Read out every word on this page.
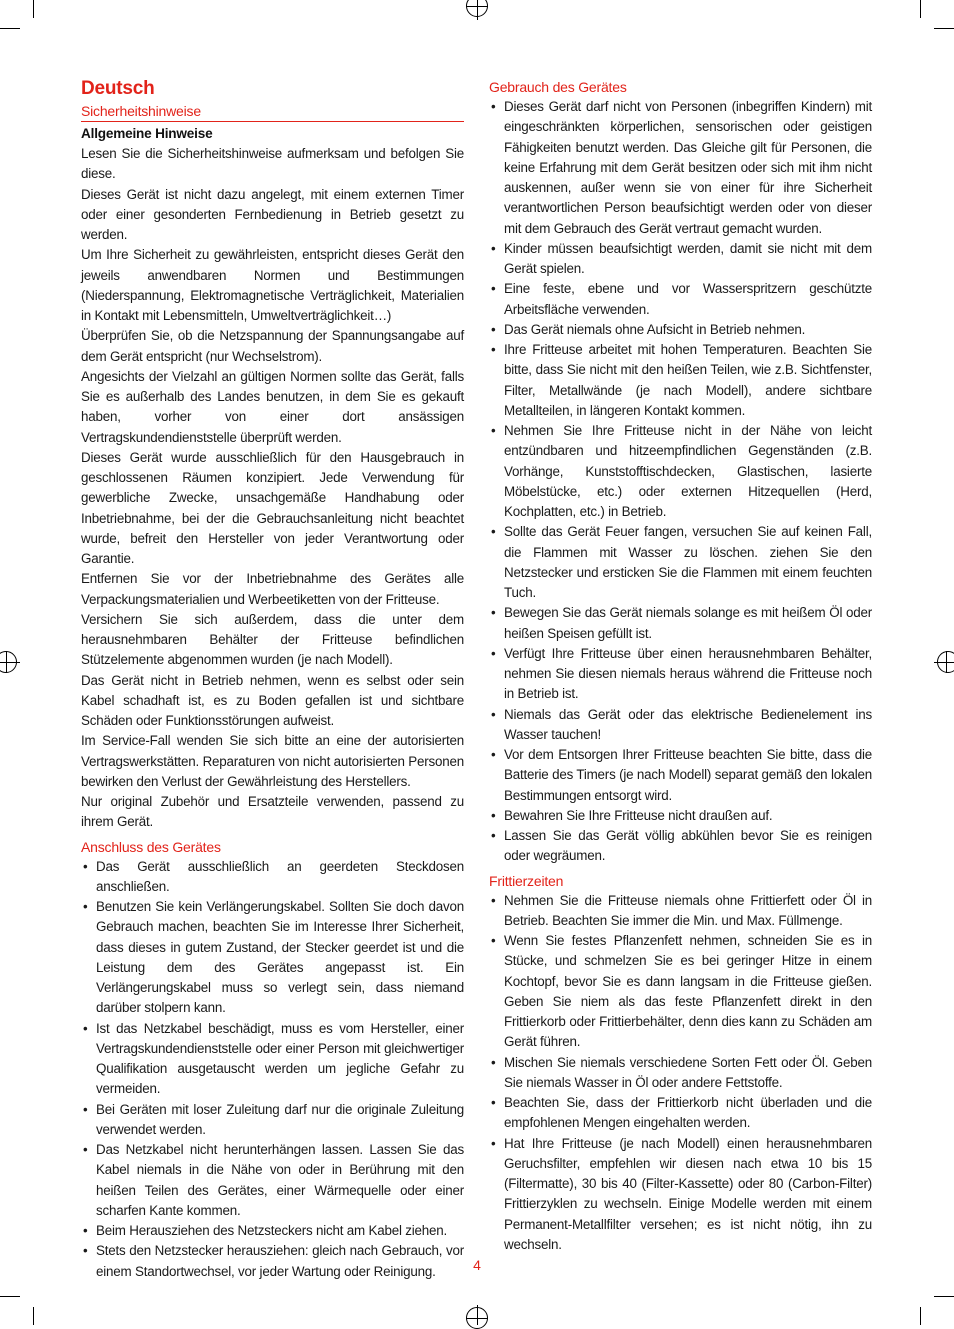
Deutsch
Sicherheitshinweise
Allgemeine Hinweise

Lesen Sie die Sicherheitshinweise aufmerksam und befolgen Sie diese.

Dieses Gerät ist nicht dazu angelegt, mit einem externen Timer oder einer gesonderten Fernbedienung in Betrieb gesetzt zu werden.

Um Ihre Sicherheit zu gewährleisten, entspricht dieses Gerät den jeweils anwendbaren Normen und Bestimmungen (Niederspannung, Elektromagnetische Verträglichkeit, Materialien in Kontakt mit Lebensmitteln, Umweltverträglichkeit…)

Überprüfen Sie, ob die Netzspannung der Spannungsangabe auf dem Gerät entspricht (nur Wechselstrom).

Angesichts der Vielzahl an gültigen Normen sollte das Gerät, falls Sie es außerhalb des Landes benutzen, in dem Sie es gekauft haben, vorher von einer dort ansässigen Vertragskundendienststelle überprüft werden.

Dieses Gerät wurde ausschließlich für den Hausgebrauch in geschlossenen Räumen konzipiert. Jede Verwendung für gewerbliche Zwecke, unsachgemäße Handhabung oder Inbetriebnahme, bei der die Gebrauchsanleitung nicht beachtet wurde, befreit den Hersteller von jeder Verantwortung oder Garantie.

Entfernen Sie vor der Inbetriebnahme des Gerätes alle Verpackungsmaterialien und Werbeetiketten von der Fritteuse.

Versichern Sie sich außerdem, dass die unter dem herausnehmbaren Behälter der Fritteuse befindlichen Stützelemente abgenommen wurden (je nach Modell).

Das Gerät nicht in Betrieb nehmen, wenn es selbst oder sein Kabel schadhaft ist, es zu Boden gefallen ist und sichtbare Schäden oder Funktionsstörungen aufweist.

Im Service-Fall wenden Sie sich bitte an eine der autorisierten Vertragswerkstätten. Reparaturen von nicht autorisierten Personen bewirken den Verlust der Gewährleistung des Herstellers.

Nur original Zubehör und Ersatzteile verwenden, passend zu ihrem Gerät.

Anschluss des Gerätes
• Das Gerät ausschließlich an geerdeten Steckdosen anschließen.
• Benutzen Sie kein Verlängerungskabel. Sollten Sie doch davon Gebrauch machen, beachten Sie im Interesse Ihrer Sicherheit, dass dieses in gutem Zustand, der Stecker geerdet ist und die Leistung dem des Gerätes angepasst ist. Ein Verlängerungskabel muss so verlegt sein, dass niemand darüber stolpern kann.
• Ist das Netzkabel beschädigt, muss es vom Hersteller, einer Vertragskundendienststelle oder einer Person mit gleichwertiger Qualifikation ausgetauscht werden um jegliche Gefahr zu vermeiden.
• Bei Geräten mit loser Zuleitung darf nur die originale Zuleitung verwendet werden.
• Das Netzkabel nicht herunterhängen lassen. Lassen Sie das Kabel niemals in die Nähe von oder in Berührung mit den heißen Teilen des Gerätes, einer Wärmequelle oder einer scharfen Kante kommen.
• Beim Herausziehen des Netzsteckers nicht am Kabel ziehen.
• Stets den Netzstecker herausziehen: gleich nach Gebrauch, vor einem Standortwechsel, vor jeder Wartung oder Reinigung.
Gebrauch des Gerätes
• Dieses Gerät darf nicht von Personen (inbegriffen Kindern) mit eingeschränkten körperlichen, sensorischen oder geistigen Fähigkeiten benutzt werden. Das Gleiche gilt für Personen, die keine Erfahrung mit dem Gerät besitzen oder sich mit ihm nicht auskennen, außer wenn sie von einer für ihre Sicherheit verantwortlichen Person beaufsichtigt werden oder von dieser mit dem Gebrauch des Gerät vertraut gemacht wurden.
• Kinder müssen beaufsichtigt werden, damit sie nicht mit dem Gerät spielen.
• Eine feste, ebene und vor Wasserspritzern geschützte Arbeitsfläche verwenden.
• Das Gerät niemals ohne Aufsicht in Betrieb nehmen.
• Ihre Fritteuse arbeitet mit hohen Temperaturen. Beachten Sie bitte, dass Sie nicht mit den heißen Teilen, wie z.B. Sichtfenster, Filter, Metallwände (je nach Modell), andere sichtbare Metallteilen, in längeren Kontakt kommen.
• Nehmen Sie Ihre Fritteuse nicht in der Nähe von leicht entzündbaren und hitzeempfindlichen Gegenständen (z.B. Vorhänge, Kunststofftischdecken, Glastischen, lasierte Möbelstücke, etc.) oder externen Hitzequellen (Herd, Kochplatten, etc.) in Betrieb.
• Sollte das Gerät Feuer fangen, versuchen Sie auf keinen Fall, die Flammen mit Wasser zu löschen. ziehen Sie den Netzstecker und ersticken Sie die Flammen mit einem feuchten Tuch.
• Bewegen Sie das Gerät niemals solange es mit heißem Öl oder heißen Speisen gefüllt ist.
• Verfügt Ihre Fritteuse über einen herausnehmbaren Behälter, nehmen Sie diesen niemals heraus während die Fritteuse noch in Betrieb ist.
• Niemals das Gerät oder das elektrische Bedienelement ins Wasser tauchen!
• Vor dem Entsorgen Ihrer Fritteuse beachten Sie bitte, dass die Batterie des Timers (je nach Modell) separat gemäß den lokalen Bestimmungen entsorgt wird.
• Bewahren Sie Ihre Fritteuse nicht draußen auf.
• Lassen Sie das Gerät völlig abkühlen bevor Sie es reinigen oder wegräumen.
Frittierzeiten
• Nehmen Sie die Fritteuse niemals ohne Frittierfett oder Öl in Betrieb. Beachten Sie immer die Min. und Max. Füllmenge.
• Wenn Sie festes Pflanzenfett nehmen, schneiden Sie es in Stücke, und schmelzen Sie es bei geringer Hitze in einem Kochtopf, bevor Sie es dann langsam in die Fritteuse gießen. Geben Sie niem als das feste Pflanzenfett direkt in den Frittierkorb oder Frittierbehälter, denn dies kann zu Schäden am Gerät führen.
• Mischen Sie niemals verschiedene Sorten Fett oder Öl. Geben Sie niemals Wasser in Öl oder andere Fettstoffe.
• Beachten Sie, dass der Frittierkorb nicht überladen und die empfohlenen Mengen eingehalten werden.
• Hat Ihre Fritteuse (je nach Modell) einen herausnehmbaren Geruchsfilter, empfehlen wir diesen nach etwa 10 bis 15 (Filtermatte), 30 bis 40 (Filter-Kassette) oder 80 (Carbon-Filter) Frittierzyklen zu wechseln. Einige Modelle werden mit einem Permanent-Metallfilter versehen; es ist nicht nötig, ihn zu wechseln.
4
